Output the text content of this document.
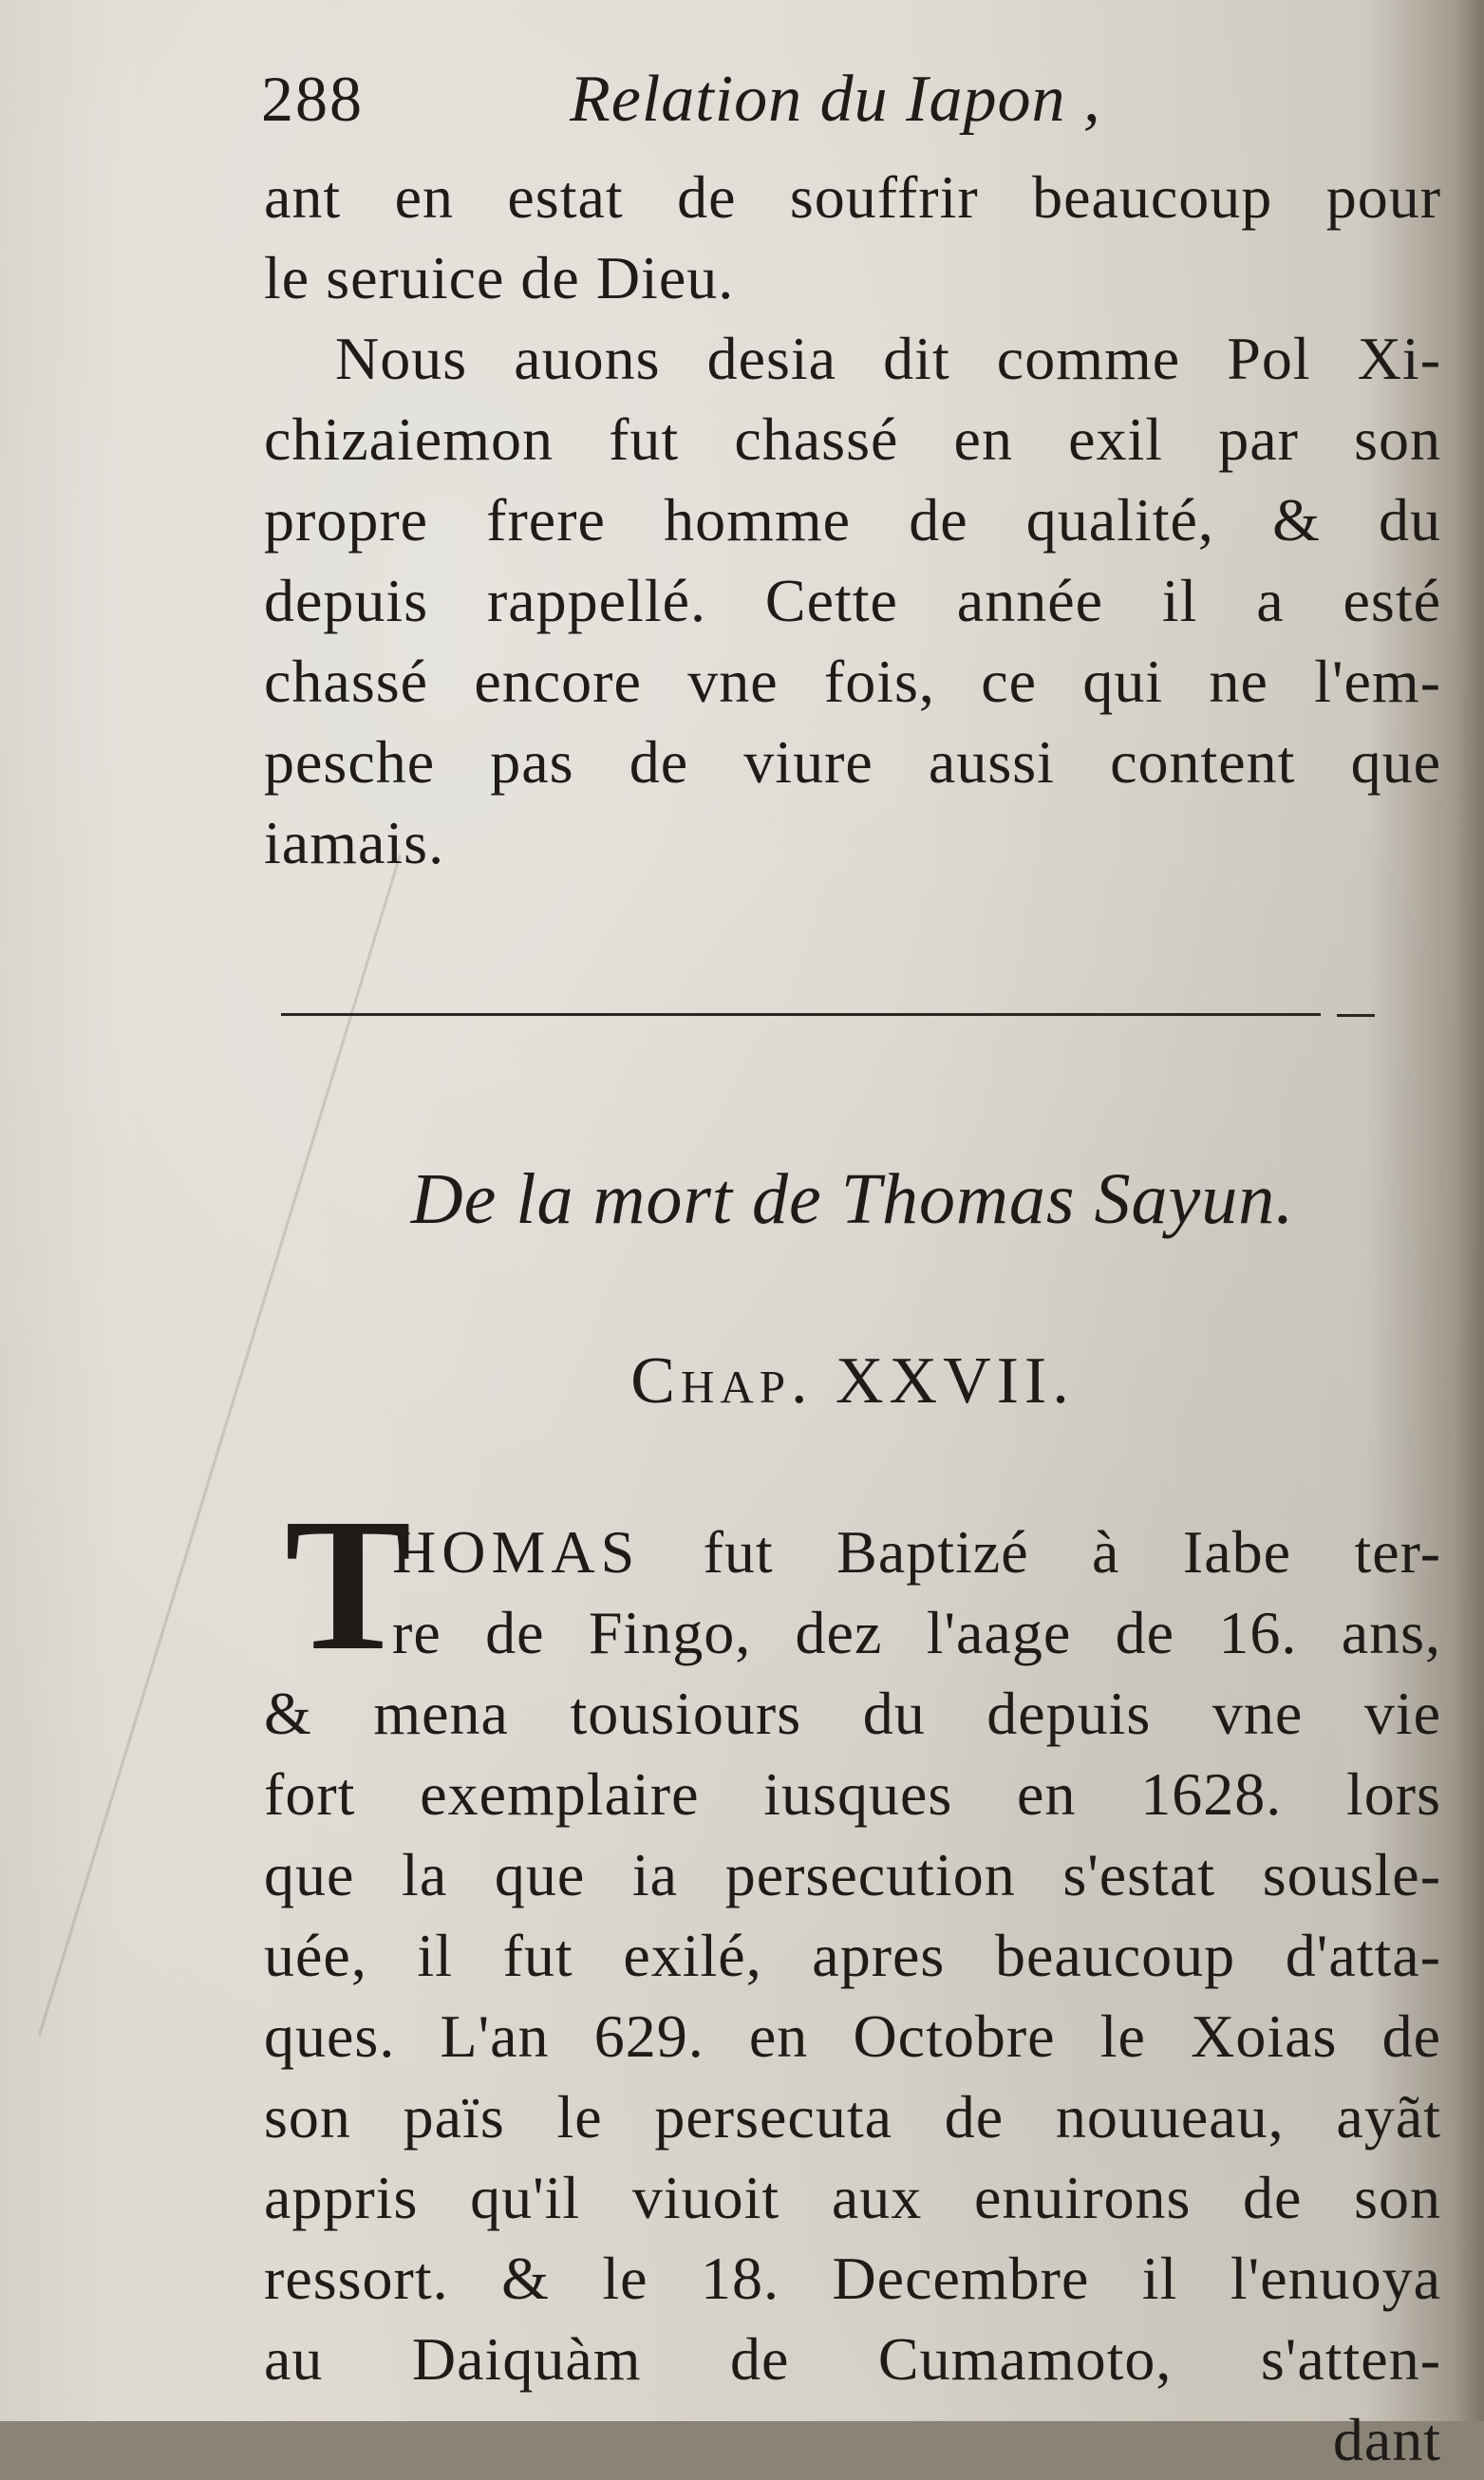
288	Relation du Iapon ,
ant en estat de souffrir beaucoup pour
le seruice de Dieu.
Nous auons desia dit comme Pol Xi-
chizaiemon fut chassé en exil par son
propre frere homme de qualité, & du
depuis rappellé. Cette année il a esté
chassé encore vne fois, ce qui ne l'em-
pesche pas de viure aussi content que
iamais.
De la mort de Thomas Sayun.
Chap. XXVII.
T
HOMAS fut Baptizé à Iabe ter-
re de Fingo, dez l'aage de 16. ans,
& mena tousiours du depuis vne vie
fort exemplaire iusques en 1628. lors
que la que ia persecution s'estat sousle-
uée, il fut exilé, apres beaucoup d'atta-
ques. L'an 629. en Octobre le Xoias de
son païs le persecuta de nouueau, ayãt
appris qu'il viuoit aux enuirons de son
ressort. & le 18. Decembre il l'enuoya
au Daiquàm de Cumamoto, s'atten-
dant
